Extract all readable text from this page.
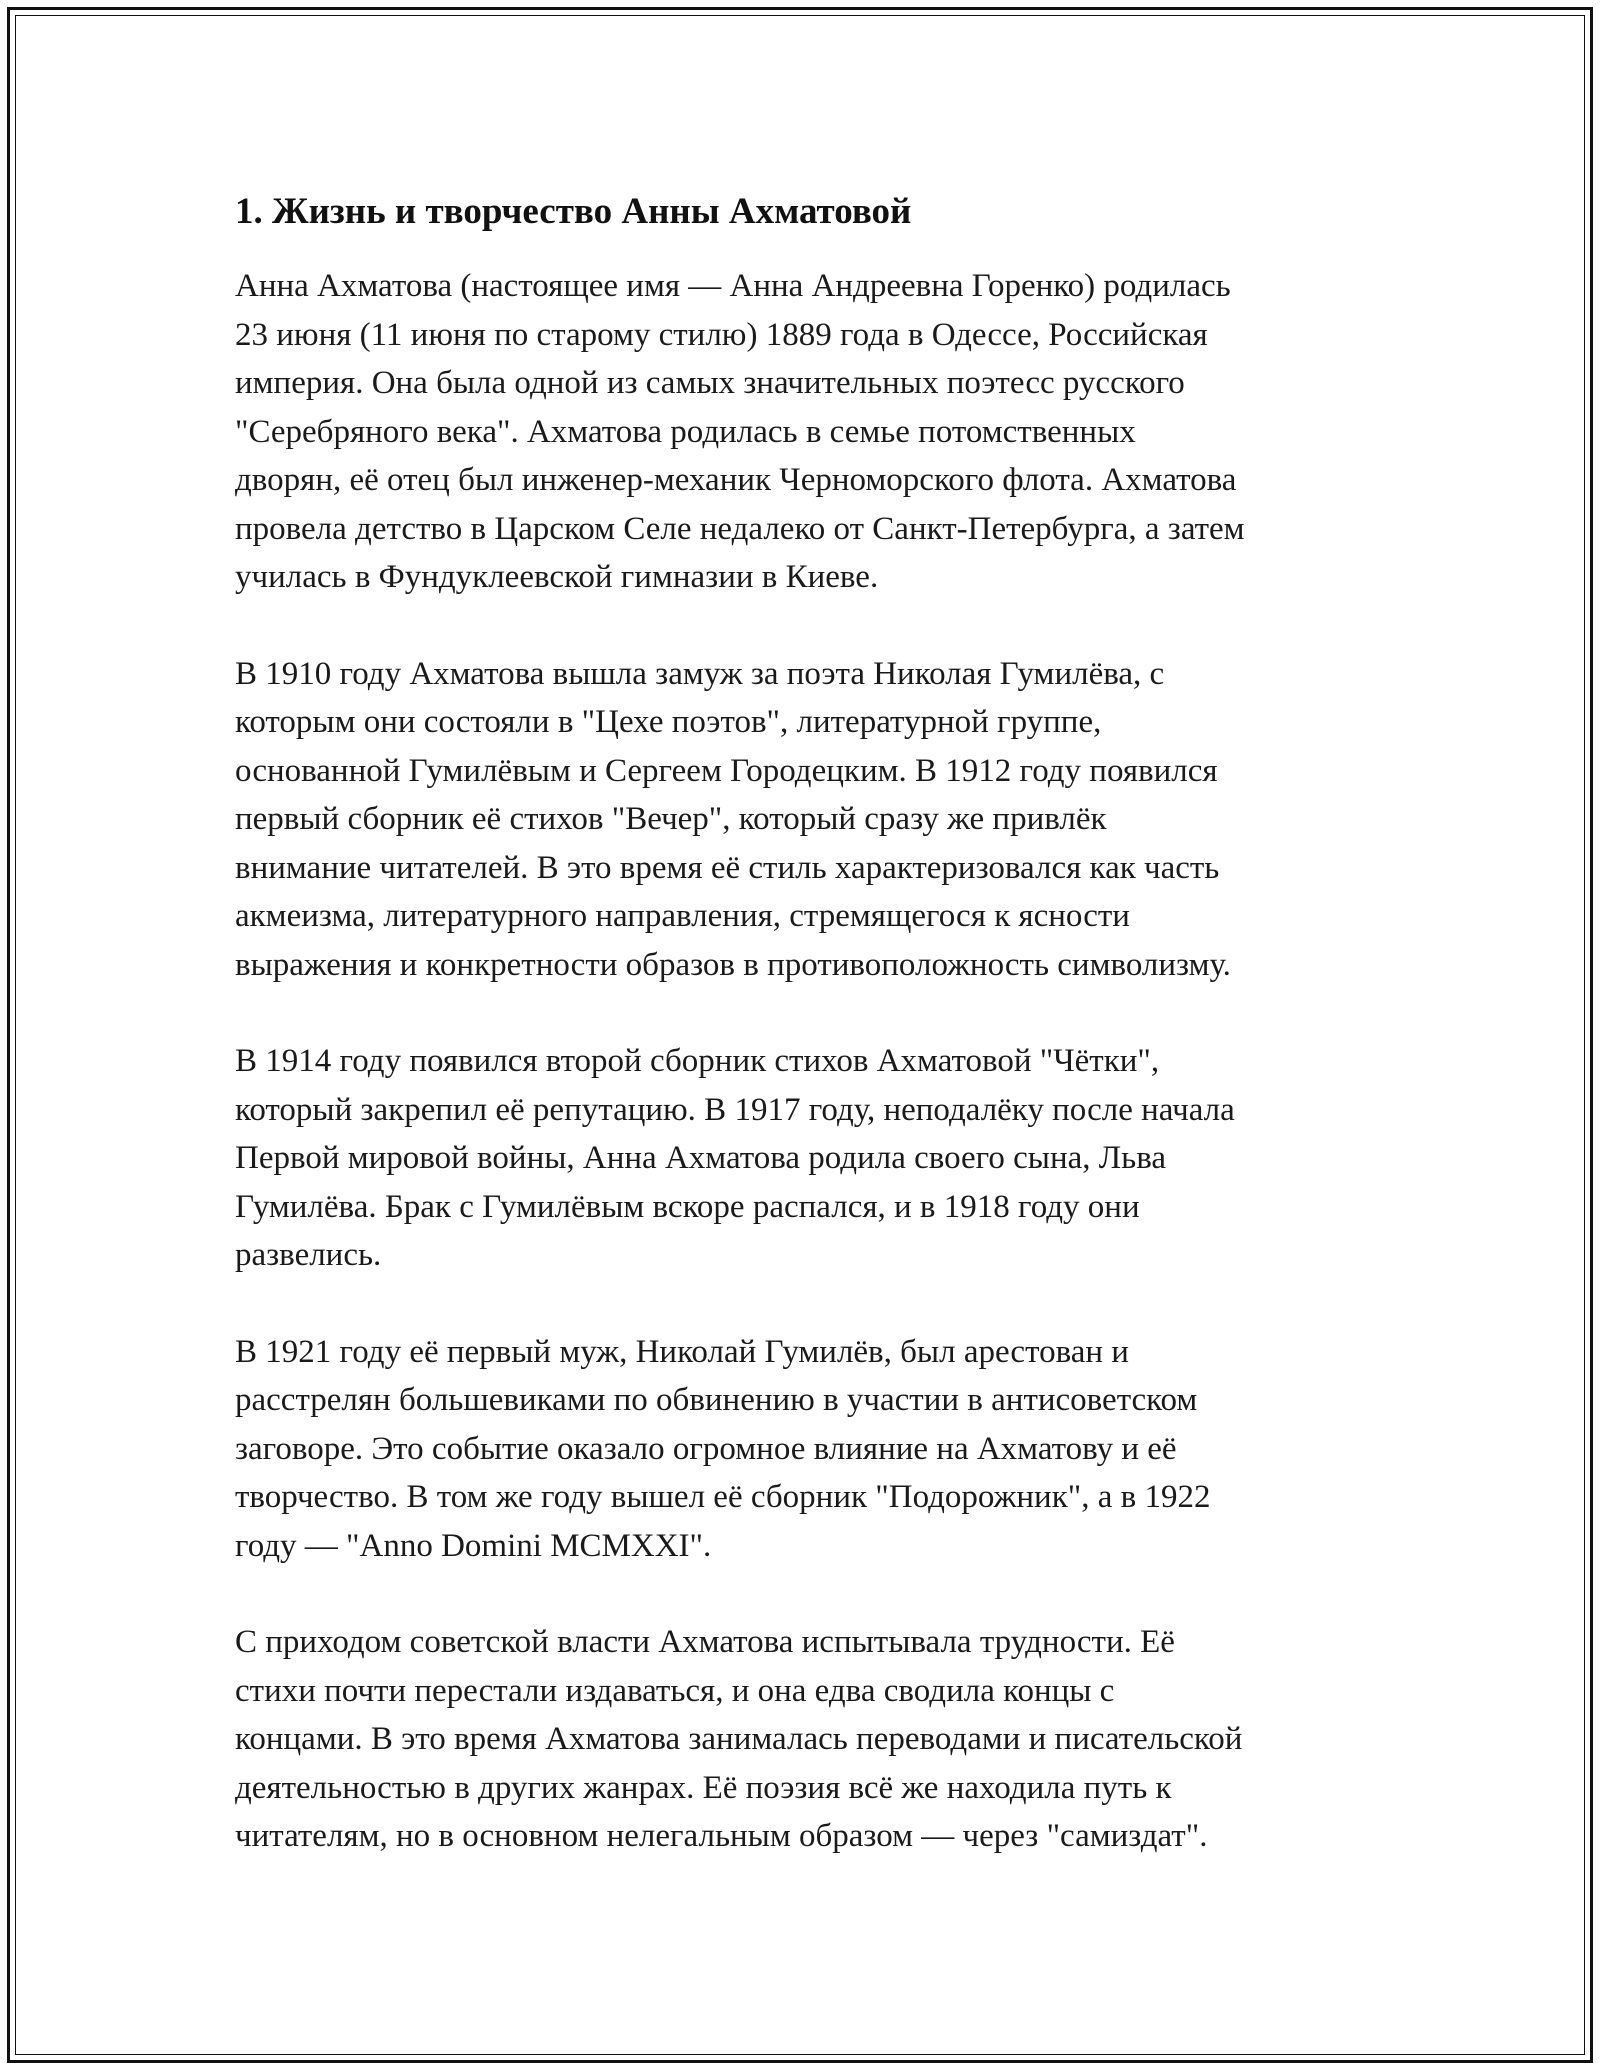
1. Жизнь и творчество Анны Ахматовой
Анна Ахматова (настоящее имя — Анна Андреевна Горенко) родилась
23 июня (11 июня по старому стилю) 1889 года в Одессе, Российская
империя. Она была одной из самых значительных поэтесс русского
"Серебряного века". Ахматова родилась в семье потомственных
дворян, её отец был инженер-механик Черноморского флота. Ахматова
провела детство в Царском Селе недалеко от Санкт-Петербурга, а затем
училась в Фундуклеевской гимназии в Киеве.
В 1910 году Ахматова вышла замуж за поэта Николая Гумилёва, с
которым они состояли в "Цехе поэтов", литературной группе,
основанной Гумилёвым и Сергеем Городецким. В 1912 году появился
первый сборник её стихов "Вечер", который сразу же привлёк
внимание читателей. В это время её стиль характеризовался как часть
акмеизма, литературного направления, стремящегося к ясности
выражения и конкретности образов в противоположность символизму.
В 1914 году появился второй сборник стихов Ахматовой "Чётки",
который закрепил её репутацию. В 1917 году, неподалёку после начала
Первой мировой войны, Анна Ахматова родила своего сына, Льва
Гумилёва. Брак с Гумилёвым вскоре распался, и в 1918 году они
развелись.
В 1921 году её первый муж, Николай Гумилёв, был арестован и
расстрелян большевиками по обвинению в участии в антисоветском
заговоре. Это событие оказало огромное влияние на Ахматову и её
творчество. В том же году вышел её сборник "Подорожник", а в 1922
году — "Anno Domini MCMXXI".
С приходом советской власти Ахматова испытывала трудности. Её
стихи почти перестали издаваться, и она едва сводила концы с
концами. В это время Ахматова занималась переводами и писательской
деятельностью в других жанрах. Её поэзия всё же находила путь к
читателям, но в основном нелегальным образом — через "самиздат".
